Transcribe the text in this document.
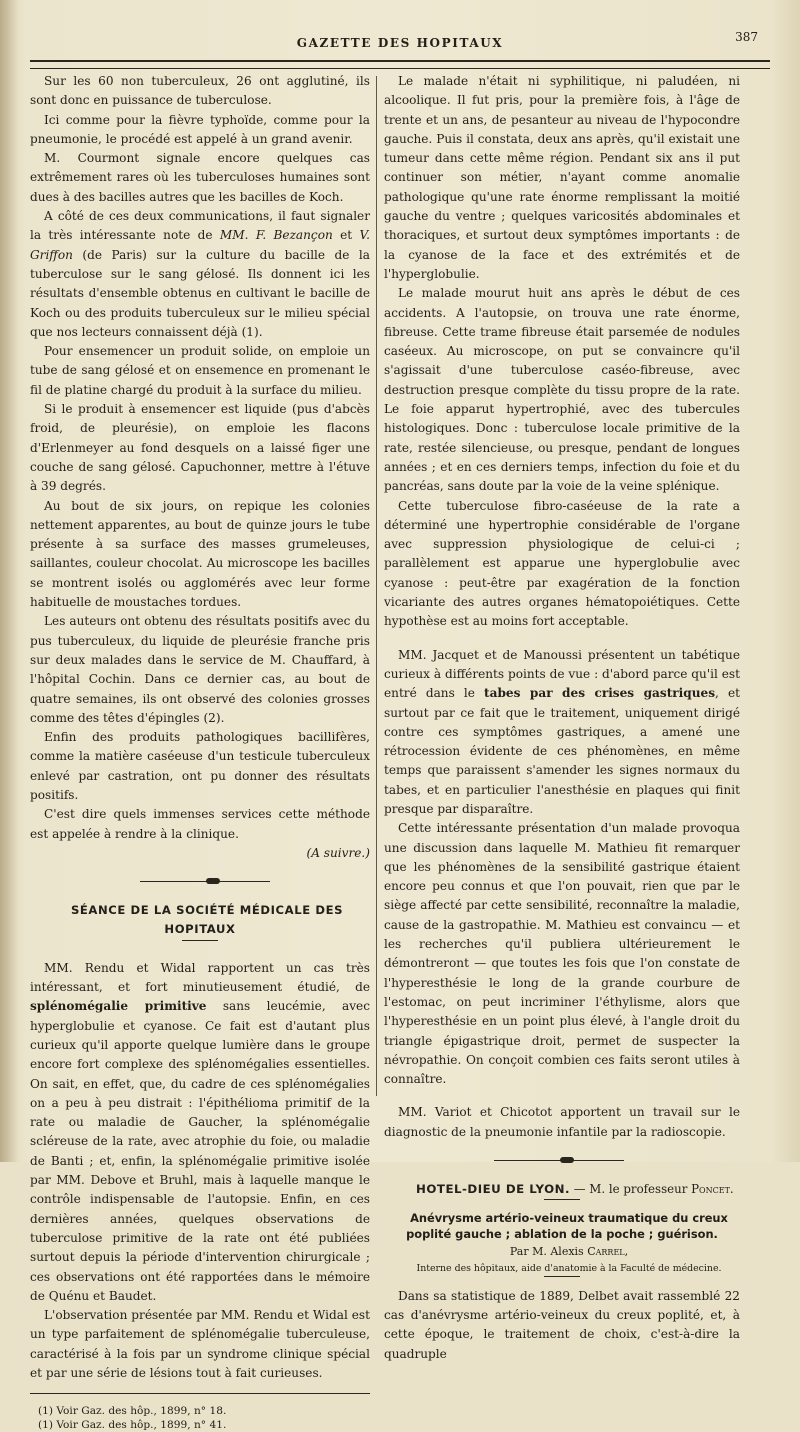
GAZETTE DES HOPITAUX	387

Sur les 60 non tuberculeux, 26 ont agglutiné, ils sont donc en puissance de tuberculose.

Ici comme pour la fièvre typhoïde, comme pour la pneumonie, le procédé est appelé à un grand avenir.

M. Courmont signale encore quelques cas extrêmement rares où les tuberculoses humaines sont dues à des bacilles autres que les bacilles de Koch.

A côté de ces deux communications, il faut signaler la très intéressante note de MM. F. Bezançon et V. Griffon (de Paris) sur la culture du bacille de la tuberculose sur le sang gélosé. Ils donnent ici les résultats d'ensemble obtenus en cultivant le bacille de Koch ou des produits tuberculeux sur le milieu spécial que nos lecteurs connaissent déjà (1).

Pour ensemencer un produit solide, on emploie un tube de sang gélosé et on ensemence en promenant le fil de platine chargé du produit à la surface du milieu.

Si le produit à ensemencer est liquide (pus d'abcès froid, de pleurésie), on emploie les flacons d'Erlenmeyer au fond desquels on a laissé figer une couche de sang gélosé. Capuchonner, mettre à l'étuve à 39 degrés.

Au bout de six jours, on repique les colonies nettement apparentes, au bout de quinze jours le tube présente à sa surface des masses grumeleuses, saillantes, couleur chocolat. Au microscope les bacilles se montrent isolés ou agglomérés avec leur forme habituelle de moustaches tordues.

Les auteurs ont obtenu des résultats positifs avec du pus tuberculeux, du liquide de pleurésie franche pris sur deux malades dans le service de M. Chauffard, à l'hôpital Cochin. Dans ce dernier cas, au bout de quatre semaines, ils ont observé des colonies grosses comme des têtes d'épingles (2).

Enfin des produits pathologiques bacillifères, comme la matière caséeuse d'un testicule tuberculeux enlevé par castration, ont pu donner des résultats positifs.

C'est dire quels immenses services cette méthode est appelée à rendre à la clinique.

(A suivre.)

SÉANCE DE LA SOCIÉTÉ MÉDICALE DES HOPITAUX

MM. Rendu et Widal rapportent un cas très intéressant, et fort minutieusement étudié, de splénomégalie primitive sans leucémie, avec hyperglobulie et cyanose. Ce fait est d'autant plus curieux qu'il apporte quelque lumière dans le groupe encore fort complexe des splénomégalies essentielles. On sait, en effet, que, du cadre de ces splénomégalies on a peu à peu distrait : l'épithélioma primitif de la rate ou maladie de Gaucher, la splénomégalie scléreuse de la rate, avec atrophie du foie, ou maladie de Banti ; et, enfin, la splénomégalie primitive isolée par MM. Debove et Bruhl, mais à laquelle manque le contrôle indispensable de l'autopsie. Enfin, en ces dernières années, quelques observations de tuberculose primitive de la rate ont été publiées surtout depuis la période d'intervention chirurgicale ; ces observations ont été rapportées dans le mémoire de Quénu et Baudet.

L'observation présentée par MM. Rendu et Widal est un type parfaitement de splénomégalie tuberculeuse, caractérisé à la fois par un syndrome clinique spécial et par une série de lésions tout à fait curieuses.

(1) Voir Gaz. des hôp., 1899, n° 18.

(1) Voir Gaz. des hôp., 1899, n° 41.

Le malade n'était ni syphilitique, ni paludéen, ni alcoolique. Il fut pris, pour la première fois, à l'âge de trente et un ans, de pesanteur au niveau de l'hypocondre gauche. Puis il constata, deux ans après, qu'il existait une tumeur dans cette même région. Pendant six ans il put continuer son métier, n'ayant comme anomalie pathologique qu'une rate énorme remplissant la moitié gauche du ventre ; quelques varicosités abdominales et thoraciques, et surtout deux symptômes importants : de la cyanose de la face et des extrémités et de l'hyperglobulie.

Le malade mourut huit ans après le début de ces accidents. A l'autopsie, on trouva une rate énorme, fibreuse. Cette trame fibreuse était parsemée de nodules caséeux. Au microscope, on put se convaincre qu'il s'agissait d'une tuberculose caséo-fibreuse, avec destruction presque complète du tissu propre de la rate. Le foie apparut hypertrophié, avec des tubercules histologiques. Donc : tuberculose locale primitive de la rate, restée silencieuse, ou presque, pendant de longues années ; et en ces derniers temps, infection du foie et du pancréas, sans doute par la voie de la veine splénique.

Cette tuberculose fibro-caséeuse de la rate a déterminé une hypertrophie considérable de l'organe avec suppression physiologique de celui-ci ; parallèlement est apparue une hyperglobulie avec cyanose : peut-être par exagération de la fonction vicariante des autres organes hématopoiétiques. Cette hypothèse est au moins fort acceptable.

MM. Jacquet et de Manoussi présentent un tabétique curieux à différents points de vue : d'abord parce qu'il est entré dans le tabes par des crises gastriques, et surtout par ce fait que le traitement, uniquement dirigé contre ces symptômes gastriques, a amené une rétrocession évidente de ces phénomènes, en même temps que paraissent s'amender les signes normaux du tabes, et en particulier l'anesthésie en plaques qui finit presque par disparaître.

Cette intéressante présentation d'un malade provoqua une discussion dans laquelle M. Mathieu fit remarquer que les phénomènes de la sensibilité gastrique étaient encore peu connus et que l'on pouvait, rien que par le siège affecté par cette sensibilité, reconnaître la maladie, cause de la gastropathie. M. Mathieu est convaincu — et les recherches qu'il publiera ultérieurement le démontreront — que toutes les fois que l'on constate de l'hyperesthésie le long de la grande courbure de l'estomac, on peut incriminer l'éthylisme, alors que l'hyperesthésie en un point plus élevé, à l'angle droit du triangle épigastrique droit, permet de suspecter la névropathie. On conçoit combien ces faits seront utiles à connaître.

MM. Variot et Chicotot apportent un travail sur le diagnostic de la pneumonie infantile par la radioscopie.

HOTEL-DIEU DE LYON. — M. le professeur Poncet.

Anévrysme artério-veineux traumatique du creux poplité gauche ; ablation de la poche ; guérison.

Par M. Alexis Carrel,

Interne des hôpitaux, aide d'anatomie à la Faculté de médecine.

Dans sa statistique de 1889, Delbet avait rassemblé 22 cas d'anévrysme artério-veineux du creux poplité, et, à cette époque, le traitement de choix, c'est-à-dire la quadruple
